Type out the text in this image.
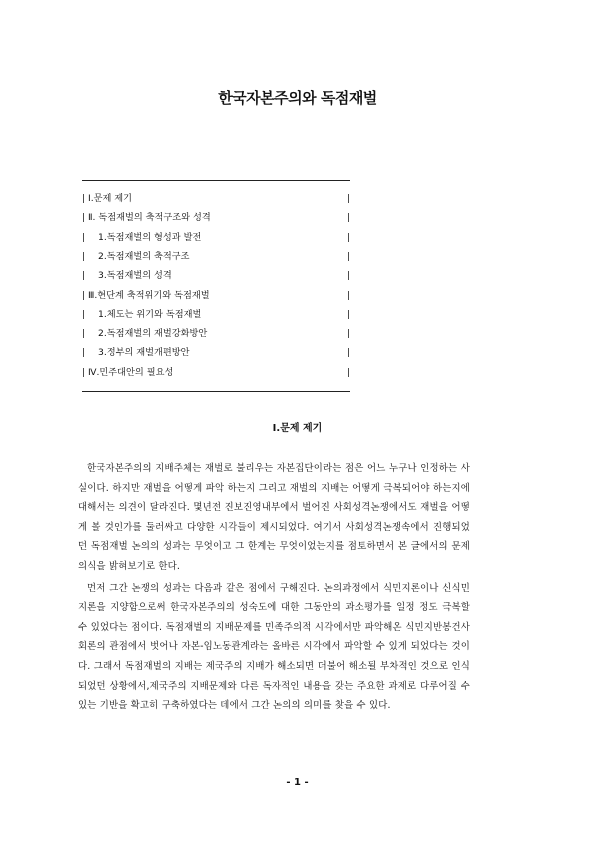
한국자본주의와 독점재벌
| Ⅰ.문제 제기	|
| Ⅱ. 독점재벌의 축적구조와 성격	|
| 1.독점재벌의 형성과 발전	|
| 2.독점재벌의 축적구조	|
| 3.독점재벌의 성격	|
| Ⅲ.현단계 축적위기와 독점재벌	|
| 1.체도는 위기와 독점재벌	|
| 2.독점재벌의 재벌강화방안	|
| 3.정부의 재벌개편방안	|
| Ⅳ.민주대안의 필요성	|
Ⅰ.문제 제기

한국자본주의의 지배주체는 재벌로 불리우는 자본집단이라는 점은 어느 누구나 인정하는 사실이다. 하지만 재벌을 어떻게 파악 하는지 그리고 재벌의 지배는 어떻게 극복되어야 하는지에 대해서는 의견이 달라진다. 몇년전 진보진영내부에서 벌어진 사회성격논쟁에서도 재벌을 어떻게 볼 것인가를 둘러싸고 다양한 시각들이 제시되었다. 여기서 사회성격논쟁속에서 진행되었던 독점재벌 논의의 성과는 무엇이고 그 한계는 무엇이었는지를 점토하면서 본 글에서의 문제의식을 밝혀보기로 한다.

먼저 그간 논쟁의 성과는 다음과 같은 점에서 구해진다. 논의과정에서 식민지론이나 신식민지론을 지양함으로써 한국자본주의의 성숙도에 대한 그동안의 과소평가를 일정 정도 극복할 수 있었다는 점이다. 독점재벌의 지배문제를 민족주의적 시각에서만 파악해온 식민지반봉건사회론의 관점에서 벗어나 자본-임노동관계라는 올바른 시각에서 파악할 수 있게 되었다는 것이다. 그래서 독점재벌의 지배는 제국주의 지배가 해소되면 더불어 해소될 부차적인 것으로 인식되었던 상황에서,제국주의 지배문제와 다른 독자적인 내용을 갖는 주요한 과제로 다루어질 수 있는 기반을 확고히 구축하였다는 데에서 그간 논의의 의미를 찾을 수 있다.

- 1 -
